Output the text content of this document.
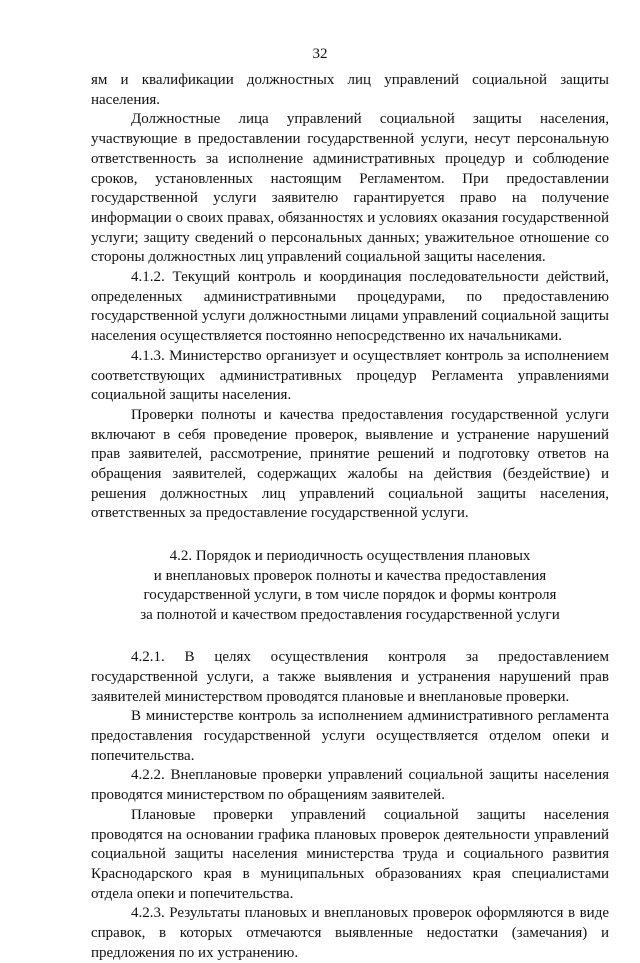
32

ям и квалификации должностных лиц управлений социальной защиты населения.

Должностные лица управлений социальной защиты населения, участвующие в предоставлении государственной услуги, несут персональную ответственность за исполнение административных процедур и соблюдение сроков, установленных настоящим Регламентом. При предоставлении государственной услуги заявителю гарантируется право на получение информации о своих правах, обязанностях и условиях оказания государственной услуги; защиту сведений о персональных данных; уважительное отношение со стороны должностных лиц управлений социальной защиты населения.

4.1.2. Текущий контроль и координация последовательности действий, определенных административными процедурами, по предоставлению государственной услуги должностными лицами управлений социальной защиты населения осуществляется постоянно непосредственно их начальниками.

4.1.3. Министерство организует и осуществляет контроль за исполнением соответствующих административных процедур Регламента управлениями социальной защиты населения.

Проверки полноты и качества предоставления государственной услуги включают в себя проведение проверок, выявление и устранение нарушений прав заявителей, рассмотрение, принятие решений и подготовку ответов на обращения заявителей, содержащих жалобы на действия (бездействие) и решения должностных лиц управлений социальной защиты населения, ответственных за предоставление государственной услуги.

4.2. Порядок и периодичность осуществления плановых
и внеплановых проверок полноты и качества предоставления
государственной услуги, в том числе порядок и формы контроля
за полнотой и качеством предоставления государственной услуги

4.2.1. В целях осуществления контроля за предоставлением государственной услуги, а также выявления и устранения нарушений прав заявителей министерством проводятся плановые и внеплановые проверки.

В министерстве контроль за исполнением административного регламента предоставления государственной услуги осуществляется отделом опеки и попечительства.

4.2.2. Внеплановые проверки управлений социальной защиты населения проводятся министерством по обращениям заявителей.

Плановые проверки управлений социальной защиты населения проводятся на основании графика плановых проверок деятельности управлений социальной защиты населения министерства труда и социального развития Краснодарского края в муниципальных образованиях края специалистами отдела опеки и попечительства.

4.2.3. Результаты плановых и внеплановых проверок оформляются в виде справок, в которых отмечаются выявленные недостатки (замечания) и предложения по их устранению.
